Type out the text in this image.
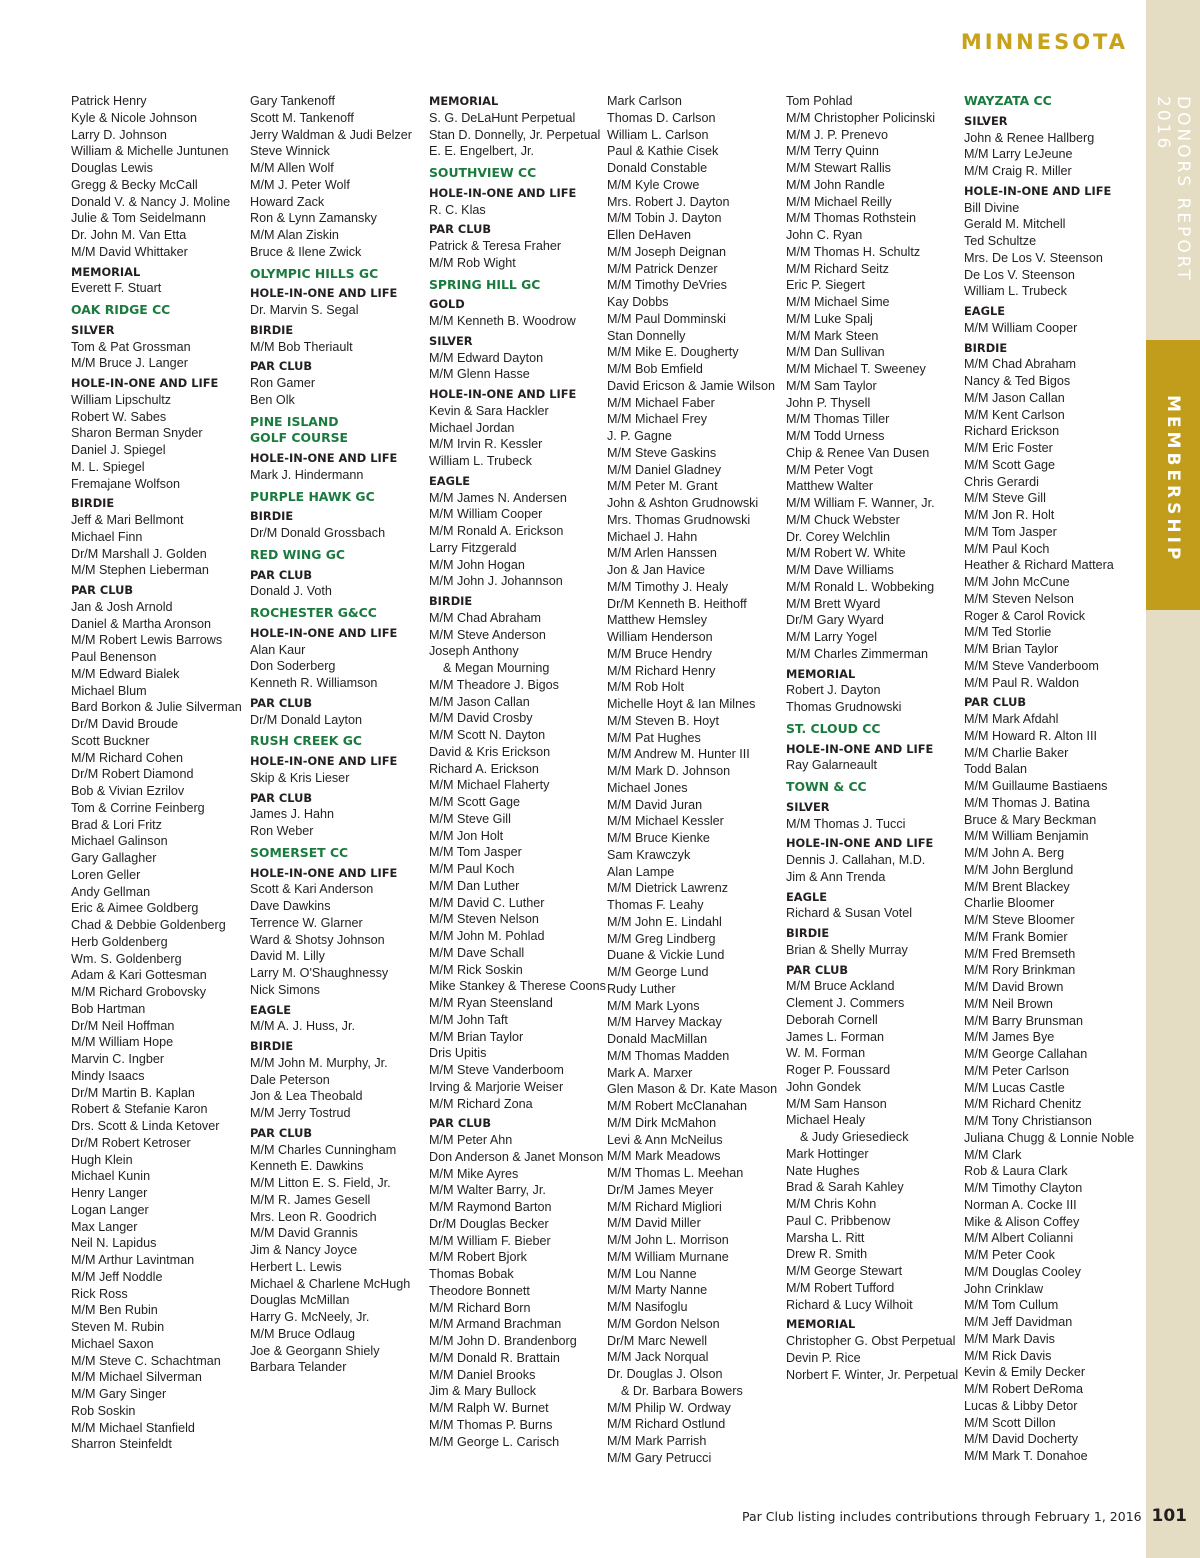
MINNESOTA
DONORS REPORT 2016
MEMBERSHIP
Patrick Henry
Kyle & Nicole Johnson
Larry D. Johnson
William & Michelle Juntunen
Douglas Lewis
Gregg & Becky McCall
Donald V. & Nancy J. Moline
Julie & Tom Seidelmann
Dr. John M. Van Etta
M/M David Whittaker
MEMORIAL
Everett F. Stuart
OAK RIDGE CC
SILVER
Tom & Pat Grossman
M/M Bruce J. Langer
HOLE-IN-ONE AND LIFE
William Lipschultz
Robert W. Sabes
Sharon Berman Snyder
Daniel J. Spiegel
M. L. Spiegel
Fremajane Wolfson
BIRDIE
Jeff & Mari Bellmont
Michael Finn
Dr/M Marshall J. Golden
M/M Stephen Lieberman
PAR CLUB
Jan & Josh Arnold
Daniel & Martha Aronson
M/M Robert Lewis Barrows
Paul Benenson
M/M Edward Bialek
Michael Blum
Bard Borkon & Julie Silverman
Dr/M David Broude
Scott Buckner
M/M Richard Cohen
Dr/M Robert Diamond
Bob & Vivian Ezrilov
Tom & Corrine Feinberg
Brad & Lori Fritz
Michael Galinson
Gary Gallagher
Loren Geller
Andy Gellman
Eric & Aimee Goldberg
Chad & Debbie Goldenberg
Herb Goldenberg
Wm. S. Goldenberg
Adam & Kari Gottesman
M/M Richard Grobovsky
Bob Hartman
Dr/M Neil Hoffman
M/M William Hope
Marvin C. Ingber
Mindy Isaacs
Dr/M Martin B. Kaplan
Robert & Stefanie Karon
Drs. Scott & Linda Ketover
Dr/M Robert Ketroser
Hugh Klein
Michael Kunin
Henry Langer
Logan Langer
Max Langer
Neil N. Lapidus
M/M Arthur Lavintman
M/M Jeff Noddle
Rick Ross
M/M Ben Rubin
Steven M. Rubin
Michael Saxon
M/M Steve C. Schachtman
M/M Michael Silverman
M/M Gary Singer
Rob Soskin
M/M Michael Stanfield
Sharron Steinfeldt
Gary Tankenoff
Scott M. Tankenoff
Jerry Waldman & Judi Belzer
Steve Winnick
M/M Allen Wolf
M/M J. Peter Wolf
Howard Zack
Ron & Lynn Zamansky
M/M Alan Ziskin
Bruce & Ilene Zwick
OLYMPIC HILLS GC
HOLE-IN-ONE AND LIFE
Dr. Marvin S. Segal
BIRDIE
M/M Bob Theriault
PAR CLUB
Ron Gamer
Ben Olk
PINE ISLAND
GOLF COURSE
HOLE-IN-ONE AND LIFE
Mark J. Hindermann
PURPLE HAWK GC
BIRDIE
Dr/M Donald Grossbach
RED WING GC
PAR CLUB
Donald J. Voth
ROCHESTER G&CC
HOLE-IN-ONE AND LIFE
Alan Kaur
Don Soderberg
Kenneth R. Williamson
PAR CLUB
Dr/M Donald Layton
RUSH CREEK GC
HOLE-IN-ONE AND LIFE
Skip & Kris Lieser
PAR CLUB
James J. Hahn
Ron Weber
SOMERSET CC
HOLE-IN-ONE AND LIFE
Scott & Kari Anderson
Dave Dawkins
Terrence W. Glarner
Ward & Shotsy Johnson
David M. Lilly
Larry M. O'Shaughnessy
Nick Simons
EAGLE
M/M A. J. Huss, Jr.
BIRDIE
M/M John M. Murphy, Jr.
Dale Peterson
Jon & Lea Theobald
M/M Jerry Tostrud
PAR CLUB
M/M Charles Cunningham
Kenneth E. Dawkins
M/M Litton E. S. Field, Jr.
M/M R. James Gesell
Mrs. Leon R. Goodrich
M/M David Grannis
Jim & Nancy Joyce
Herbert L. Lewis
Michael & Charlene McHugh
Douglas McMillan
Harry G. McNeely, Jr.
M/M Bruce Odlaug
Joe & Georgann Shiely
Barbara Telander
MEMORIAL
S. G. DeLaHunt Perpetual
Stan D. Donnelly, Jr. Perpetual
E. E. Engelbert, Jr.
SOUTHVIEW CC
HOLE-IN-ONE AND LIFE
R. C. Klas
PAR CLUB
Patrick & Teresa Fraher
M/M Rob Wight
SPRING HILL GC
GOLD
M/M Kenneth B. Woodrow
SILVER
M/M Edward Dayton
M/M Glenn Hasse
HOLE-IN-ONE AND LIFE
Kevin & Sara Hackler
Michael Jordan
M/M Irvin R. Kessler
William L. Trubeck
EAGLE
M/M James N. Andersen
M/M William Cooper
M/M Ronald A. Erickson
Larry Fitzgerald
M/M John Hogan
M/M John J. Johannson
BIRDIE
M/M Chad Abraham
M/M Steve Anderson
Joseph Anthony
& Megan Mourning
M/M Theadore J. Bigos
M/M Jason Callan
M/M David Crosby
M/M Scott N. Dayton
David & Kris Erickson
Richard A. Erickson
M/M Michael Flaherty
M/M Scott Gage
M/M Steve Gill
M/M Jon Holt
M/M Tom Jasper
M/M Paul Koch
M/M Dan Luther
M/M David C. Luther
M/M Steven Nelson
M/M John M. Pohlad
M/M Dave Schall
M/M Rick Soskin
Mike Stankey & Therese Coons
M/M Ryan Steensland
M/M John Taft
M/M Brian Taylor
Dris Upitis
M/M Steve Vanderboom
Irving & Marjorie Weiser
M/M Richard Zona
PAR CLUB
M/M Peter Ahn
Don Anderson & Janet Monson
M/M Mike Ayres
M/M Walter Barry, Jr.
M/M Raymond Barton
Dr/M Douglas Becker
M/M William F. Bieber
M/M Robert Bjork
Thomas Bobak
Theodore Bonnett
M/M Richard Born
M/M Armand Brachman
M/M John D. Brandenborg
M/M Donald R. Brattain
M/M Daniel Brooks
Jim & Mary Bullock
M/M Ralph W. Burnet
M/M Thomas P. Burns
M/M George L. Carisch
Mark Carlson
Thomas D. Carlson
William L. Carlson
Paul & Kathie Cisek
Donald Constable
M/M Kyle Crowe
Mrs. Robert J. Dayton
M/M Tobin J. Dayton
Ellen DeHaven
M/M Joseph Deignan
M/M Patrick Denzer
M/M Timothy DeVries
Kay Dobbs
M/M Paul Domminski
Stan Donnelly
M/M Mike E. Dougherty
M/M Bob Emfield
David Ericson & Jamie Wilson
M/M Michael Faber
M/M Michael Frey
J. P. Gagne
M/M Steve Gaskins
M/M Daniel Gladney
M/M Peter M. Grant
John & Ashton Grudnowski
Mrs. Thomas Grudnowski
Michael J. Hahn
M/M Arlen Hanssen
Jon & Jan Havice
M/M Timothy J. Healy
Dr/M Kenneth B. Heithoff
Matthew Hemsley
William Henderson
M/M Bruce Hendry
M/M Richard Henry
M/M Rob Holt
Michelle Hoyt & Ian Milnes
M/M Steven B. Hoyt
M/M Pat Hughes
M/M Andrew M. Hunter III
M/M Mark D. Johnson
Michael Jones
M/M David Juran
M/M Michael Kessler
M/M Bruce Kienke
Sam Krawczyk
Alan Lampe
M/M Dietrick Lawrenz
Thomas F. Leahy
M/M John E. Lindahl
M/M Greg Lindberg
Duane & Vickie Lund
M/M George Lund
Rudy Luther
M/M Mark Lyons
M/M Harvey Mackay
Donald MacMillan
M/M Thomas Madden
Mark A. Marxer
Glen Mason & Dr. Kate Mason
M/M Robert McClanahan
M/M Dirk McMahon
Levi & Ann McNeilus
M/M Mark Meadows
M/M Thomas L. Meehan
Dr/M James Meyer
M/M Richard Migliori
M/M David Miller
M/M John L. Morrison
M/M William Murnane
M/M Lou Nanne
M/M Marty Nanne
M/M Nasifoglu
M/M Gordon Nelson
Dr/M Marc Newell
M/M Jack Norqual
Dr. Douglas J. Olson
& Dr. Barbara Bowers
M/M Philip W. Ordway
M/M Richard Ostlund
M/M Mark Parrish
M/M Gary Petrucci
Tom Pohlad
M/M Christopher Policinski
M/M J. P. Prenevo
M/M Terry Quinn
M/M Stewart Rallis
M/M John Randle
M/M Michael Reilly
M/M Thomas Rothstein
John C. Ryan
M/M Thomas H. Schultz
M/M Richard Seitz
Eric P. Siegert
M/M Michael Sime
M/M Luke Spalj
M/M Mark Steen
M/M Dan Sullivan
M/M Michael T. Sweeney
M/M Sam Taylor
John P. Thysell
M/M Thomas Tiller
M/M Todd Urness
Chip & Renee Van Dusen
M/M Peter Vogt
Matthew Walter
M/M William F. Wanner, Jr.
M/M Chuck Webster
Dr. Corey Welchlin
M/M Robert W. White
M/M Dave Williams
M/M Ronald L. Wobbeking
M/M Brett Wyard
Dr/M Gary Wyard
M/M Larry Yogel
M/M Charles Zimmerman
MEMORIAL
Robert J. Dayton
Thomas Grudnowski
ST. CLOUD CC
HOLE-IN-ONE AND LIFE
Ray Galarneault
TOWN & CC
SILVER
M/M Thomas J. Tucci
HOLE-IN-ONE AND LIFE
Dennis J. Callahan, M.D.
Jim & Ann Trenda
EAGLE
Richard & Susan Votel
BIRDIE
Brian & Shelly Murray
PAR CLUB
M/M Bruce Ackland
Clement J. Commers
Deborah Cornell
James L. Forman
W. M. Forman
Roger P. Foussard
John Gondek
M/M Sam Hanson
Michael Healy
& Judy Griesedieck
Mark Hottinger
Nate Hughes
Brad & Sarah Kahley
M/M Chris Kohn
Paul C. Pribbenow
Marsha L. Ritt
Drew R. Smith
M/M George Stewart
M/M Robert Tufford
Richard & Lucy Wilhoit
MEMORIAL
Christopher G. Obst Perpetual
Devin P. Rice
Norbert F. Winter, Jr. Perpetual
WAYZATA CC
SILVER
John & Renee Hallberg
M/M Larry LeJeune
M/M Craig R. Miller
HOLE-IN-ONE AND LIFE
Bill Divine
Gerald M. Mitchell
Ted Schultze
Mrs. De Los V. Steenson
De Los V. Steenson
William L. Trubeck
EAGLE
M/M William Cooper
BIRDIE
M/M Chad Abraham
Nancy & Ted Bigos
M/M Jason Callan
M/M Kent Carlson
Richard Erickson
M/M Eric Foster
M/M Scott Gage
Chris Gerardi
M/M Steve Gill
M/M Jon R. Holt
M/M Tom Jasper
M/M Paul Koch
Heather & Richard Mattera
M/M John McCune
M/M Steven Nelson
Roger & Carol Rovick
M/M Ted Storlie
M/M Brian Taylor
M/M Steve Vanderboom
M/M Paul R. Waldon
PAR CLUB
M/M Mark Afdahl
M/M Howard R. Alton III
M/M Charlie Baker
Todd Balan
M/M Guillaume Bastiaens
M/M Thomas J. Batina
Bruce & Mary Beckman
M/M William Benjamin
M/M John A. Berg
M/M John Berglund
M/M Brent Blackey
Charlie Bloomer
M/M Steve Bloomer
M/M Frank Bomier
M/M Fred Bremseth
M/M Rory Brinkman
M/M David Brown
M/M Neil Brown
M/M Barry Brunsman
M/M James Bye
M/M George Callahan
M/M Peter Carlson
M/M Lucas Castle
M/M Richard Chenitz
M/M Tony Christianson
Juliana Chugg & Lonnie Noble
M/M Clark
Rob & Laura Clark
M/M Timothy Clayton
Norman A. Cocke III
Mike & Alison Coffey
M/M Albert Colianni
M/M Peter Cook
M/M Douglas Cooley
John Crinklaw
M/M Tom Cullum
M/M Jeff Davidman
M/M Mark Davis
M/M Rick Davis
Kevin & Emily Decker
M/M Robert DeRoma
Lucas & Libby Detor
M/M Scott Dillon
M/M David Docherty
M/M Mark T. Donahoe
Par Club listing includes contributions through February 1, 2016 101
